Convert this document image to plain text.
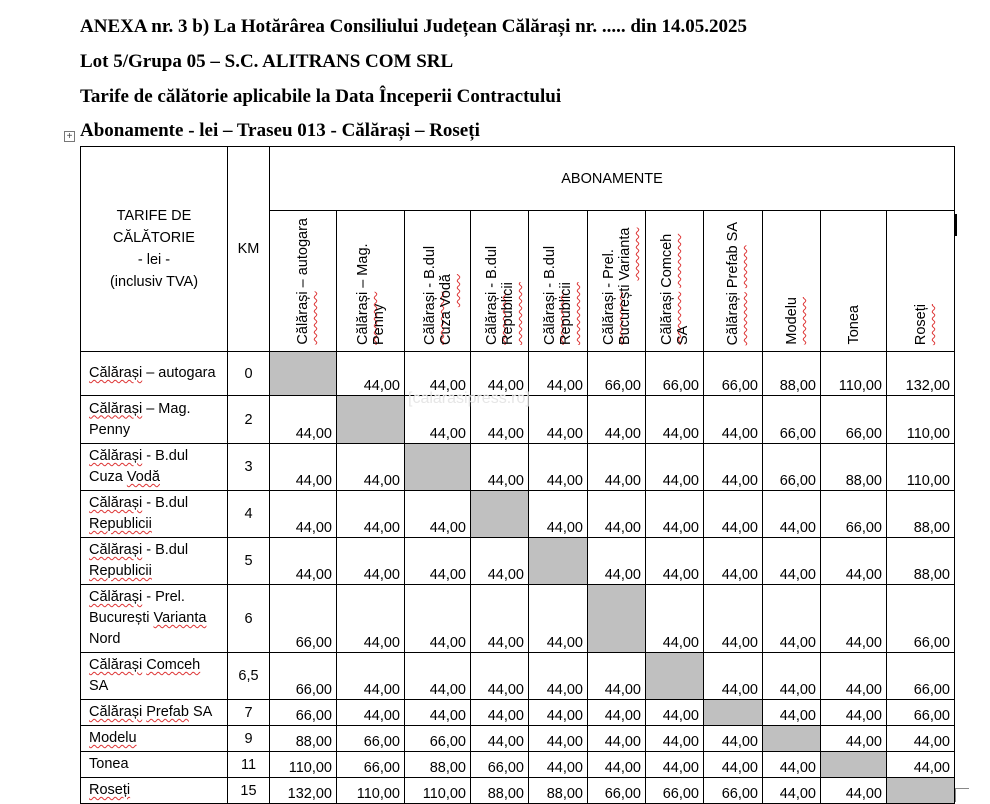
ANEXA nr. 3 b) La Hotărârea Consiliului Județean Călărași nr. ..... din 14.05.2025
Lot 5/Grupa 05 – S.C. ALITRANS COM SRL
Tarife de călătorie aplicabile la Data Începerii Contractului
Abonamente - lei – Traseu 013 - Călărași – Roseți
+
TARIFE DE
CĂLĂTORIE
- lei -
(inclusiv TVA)	KM	ABONAMENTE										
		Călărași – autogara	Călărași – Mag. Penny	Călărași - B.dul Cuza Vodă	Călărași - B.dul Republicii	Călărași - B.dul Republicii	Călărași - Prel. București Varianta	Călărași Comceh SA	Călărași Prefab SA	Modelu	Tonea	Roseți
Călărași – autogara	0		44,00	44,00	44,00	44,00	66,00	66,00	66,00	88,00	110,00	132,00
Călărași – Mag. Penny	2	44,00		44,00	44,00	44,00	44,00	44,00	44,00	66,00	66,00	110,00
Călărași - B.dul Cuza Vodă	3	44,00	44,00		44,00	44,00	44,00	44,00	44,00	66,00	88,00	110,00
Călărași - B.dul Republicii	4	44,00	44,00	44,00		44,00	44,00	44,00	44,00	44,00	66,00	88,00
Călărași - B.dul Republicii	5	44,00	44,00	44,00	44,00		44,00	44,00	44,00	44,00	44,00	88,00
Călărași - Prel. București Varianta Nord	6	66,00	44,00	44,00	44,00	44,00		44,00	44,00	44,00	44,00	66,00
Călărași Comceh SA	6,5	66,00	44,00	44,00	44,00	44,00	44,00		44,00	44,00	44,00	66,00
Călărași Prefab SA	7	66,00	44,00	44,00	44,00	44,00	44,00	44,00		44,00	44,00	66,00
Modelu	9	88,00	66,00	66,00	44,00	44,00	44,00	44,00	44,00		44,00	44,00
Tonea	11	110,00	66,00	88,00	66,00	44,00	44,00	44,00	44,00	44,00		44,00
Roseți	15	132,00	110,00	110,00	88,00	88,00	66,00	66,00	66,00	44,00	44,00	
[calarasipress.ro]
